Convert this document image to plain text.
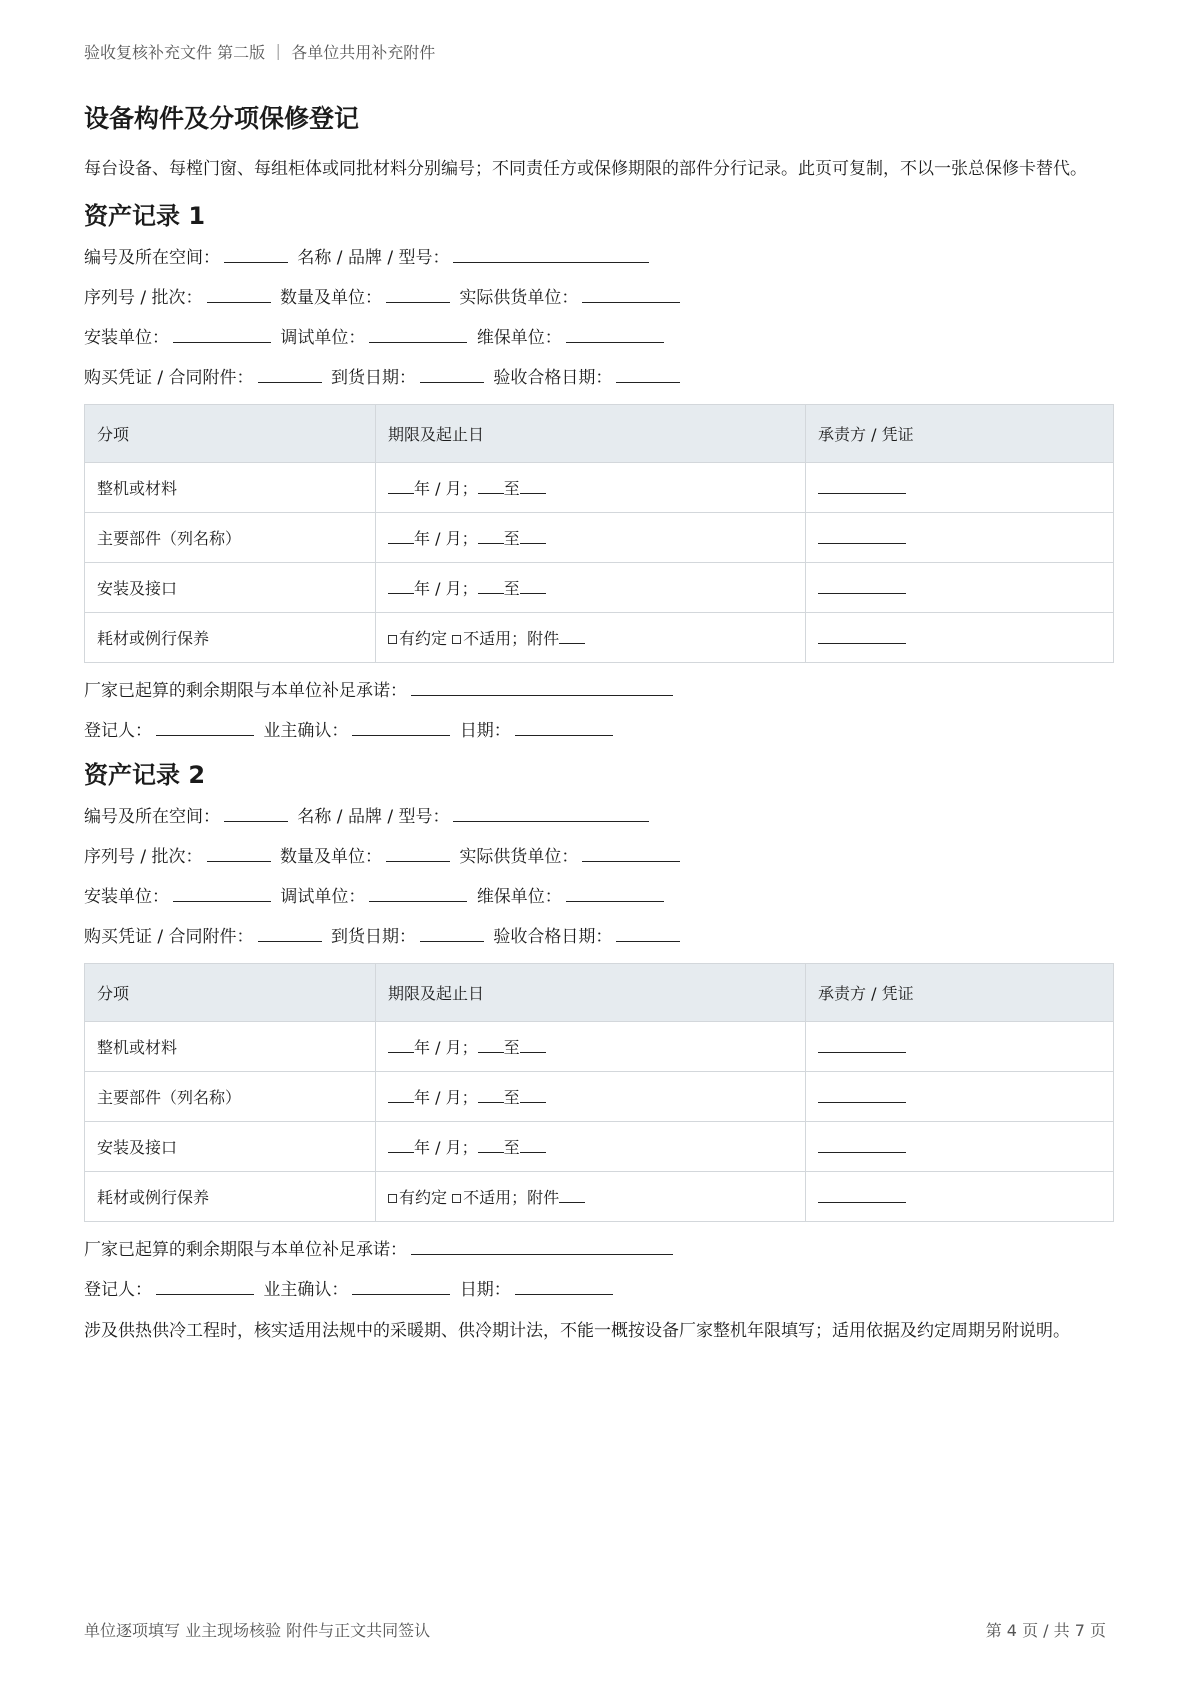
验收复核补充文件 第二版 ｜ 各单位共用补充附件
设备构件及分项保修登记

每台设备、每樘门窗、每组柜体或同批材料分别编号；不同责任方或保修期限的部件分行记录。此页可复制，不以一张总保修卡替代。

资产记录 1
编号及所在空间：	名称 / 品牌 / 型号：
序列号 / 批次：	数量及单位：	实际供货单位：
安装单位：	调试单位：	维保单位：
购买凭证 / 合同附件：	到货日期：	验收合格日期：
分项	期限及起止日	承责方 / 凭证
整机或材料	年 / 月； 至	
主要部件（列名称）	年 / 月； 至	
安装及接口	年 / 月； 至	
耗材或例行保养	有约定 不适用；附件	
厂家已起算的剩余期限与本单位补足承诺：
登记人：	业主确认：	日期：
资产记录 2
编号及所在空间：	名称 / 品牌 / 型号：
序列号 / 批次：	数量及单位：	实际供货单位：
安装单位：	调试单位：	维保单位：
购买凭证 / 合同附件：	到货日期：	验收合格日期：
分项	期限及起止日	承责方 / 凭证
整机或材料	年 / 月； 至	
主要部件（列名称）	年 / 月； 至	
安装及接口	年 / 月； 至	
耗材或例行保养	有约定 不适用；附件	
厂家已起算的剩余期限与本单位补足承诺：
登记人：	业主确认：	日期：

涉及供热供冷工程时，核实适用法规中的采暖期、供冷期计法，不能一概按设备厂家整机年限填写；适用依据及约定周期另附说明。

单位逐项填写 业主现场核验 附件与正文共同签认	第 4 页 / 共 7 页
